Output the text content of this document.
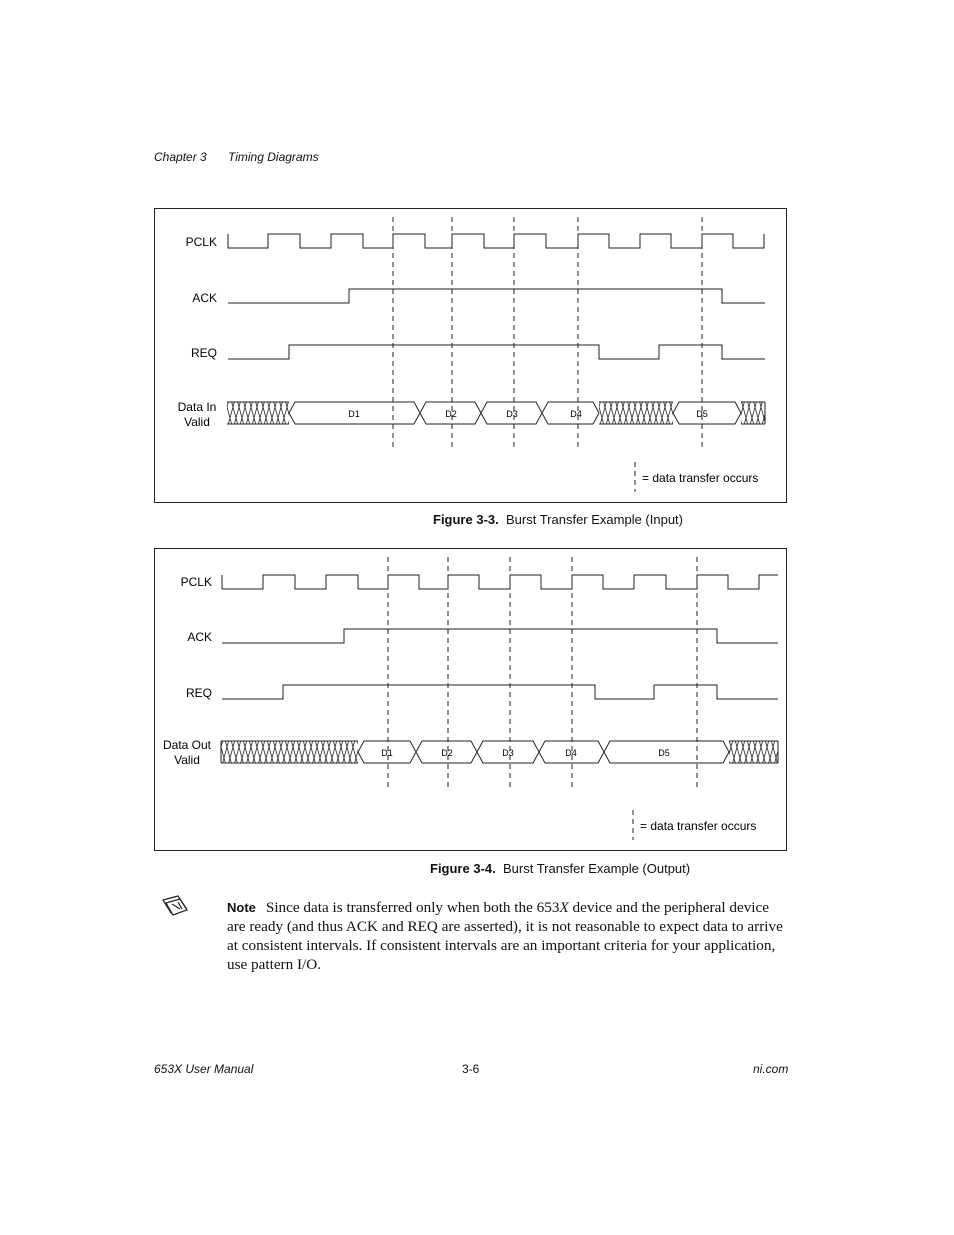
Chapter 3 Timing Diagrams
PCLK
ACK
REQ
Data In
Valid
D1	D2	D3	D4	D5
= data transfer occurs
Figure 3-3. Burst Transfer Example (Input)
PCLK
ACK
REQ
Data Out
Valid	D1	D2	D3	D4	D5
= data transfer occurs
Figure 3-4. Burst Transfer Example (Output)
Note Since data is transferred only when both the 653X device and the peripheral device are ready (and thus ACK and REQ are asserted), it is not reasonable to expect data to arrive at consistent intervals. If consistent intervals are an important criteria for your application, use pattern I/O.
653X User Manual	3-6	ni.com
